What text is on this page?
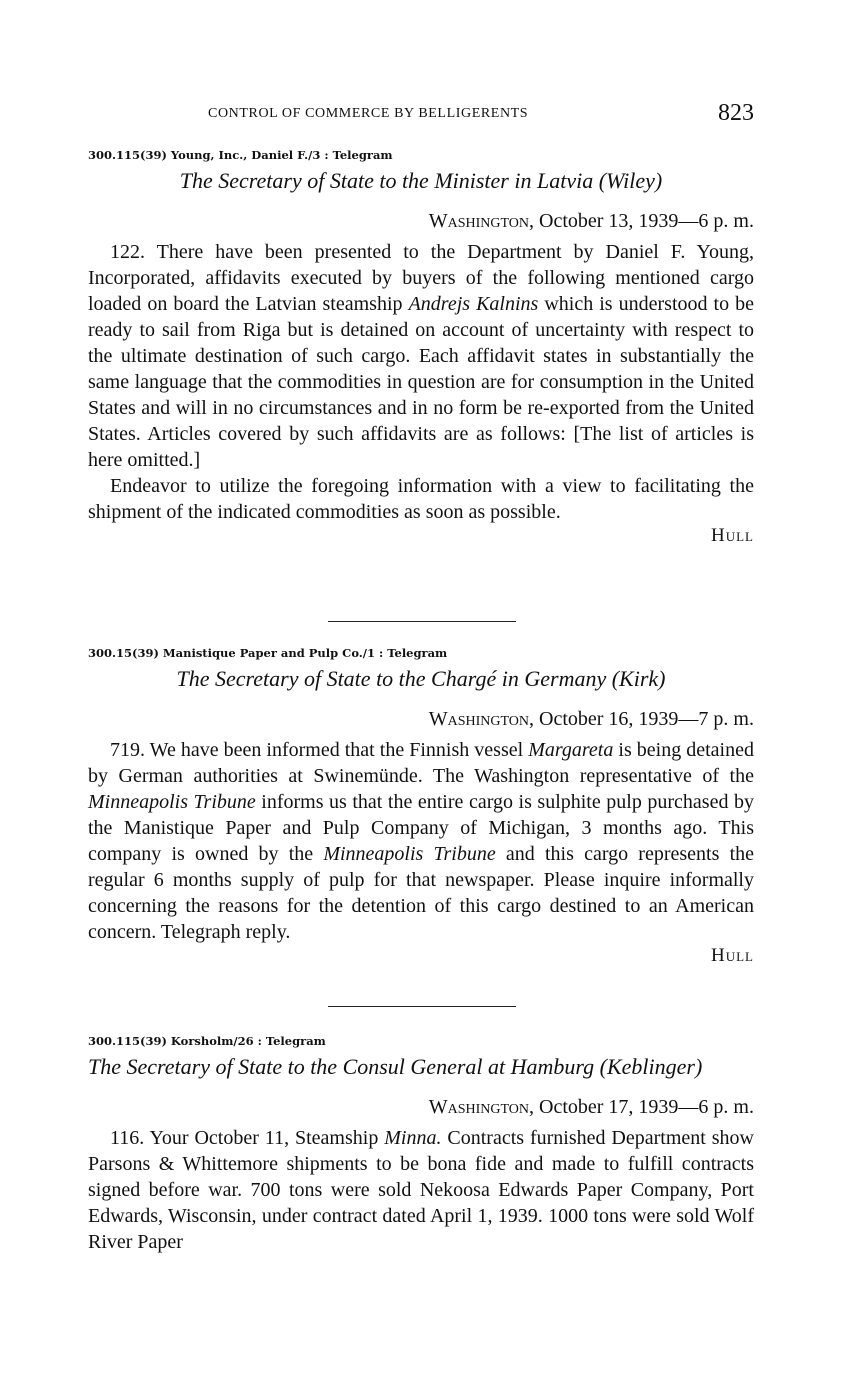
CONTROL OF COMMERCE BY BELLIGERENTS	823
300.115(39) Young, Inc., Daniel F./3 : Telegram
The Secretary of State to the Minister in Latvia (Wiley)
Washington, October 13, 1939—6 p. m.

122. There have been presented to the Department by Daniel F. Young, Incorporated, affidavits executed by buyers of the following mentioned cargo loaded on board the Latvian steamship Andrejs Kalnins which is understood to be ready to sail from Riga but is detained on account of uncertainty with respect to the ultimate destination of such cargo. Each affidavit states in substantially the same language that the commodities in question are for consumption in the United States and will in no circumstances and in no form be re-exported from the United States. Articles covered by such affidavits are as follows: [The list of articles is here omitted.]

Endeavor to utilize the foregoing information with a view to facilitating the shipment of the indicated commodities as soon as possible.

Hull
300.15(39) Manistique Paper and Pulp Co./1 : Telegram
The Secretary of State to the Chargé in Germany (Kirk)
Washington, October 16, 1939—7 p. m.

719. We have been informed that the Finnish vessel Margareta is being detained by German authorities at Swinemünde. The Washington representative of the Minneapolis Tribune informs us that the entire cargo is sulphite pulp purchased by the Manistique Paper and Pulp Company of Michigan, 3 months ago. This company is owned by the Minneapolis Tribune and this cargo represents the regular 6 months supply of pulp for that newspaper. Please inquire informally concerning the reasons for the detention of this cargo destined to an American concern. Telegraph reply.

Hull
300.115(39) Korsholm/26 : Telegram
The Secretary of State to the Consul General at Hamburg (Keblinger)
Washington, October 17, 1939—6 p. m.

116. Your October 11, Steamship Minna. Contracts furnished Department show Parsons & Whittemore shipments to be bona fide and made to fulfill contracts signed before war. 700 tons were sold Nekoosa Edwards Paper Company, Port Edwards, Wisconsin, under contract dated April 1, 1939. 1000 tons were sold Wolf River Paper
